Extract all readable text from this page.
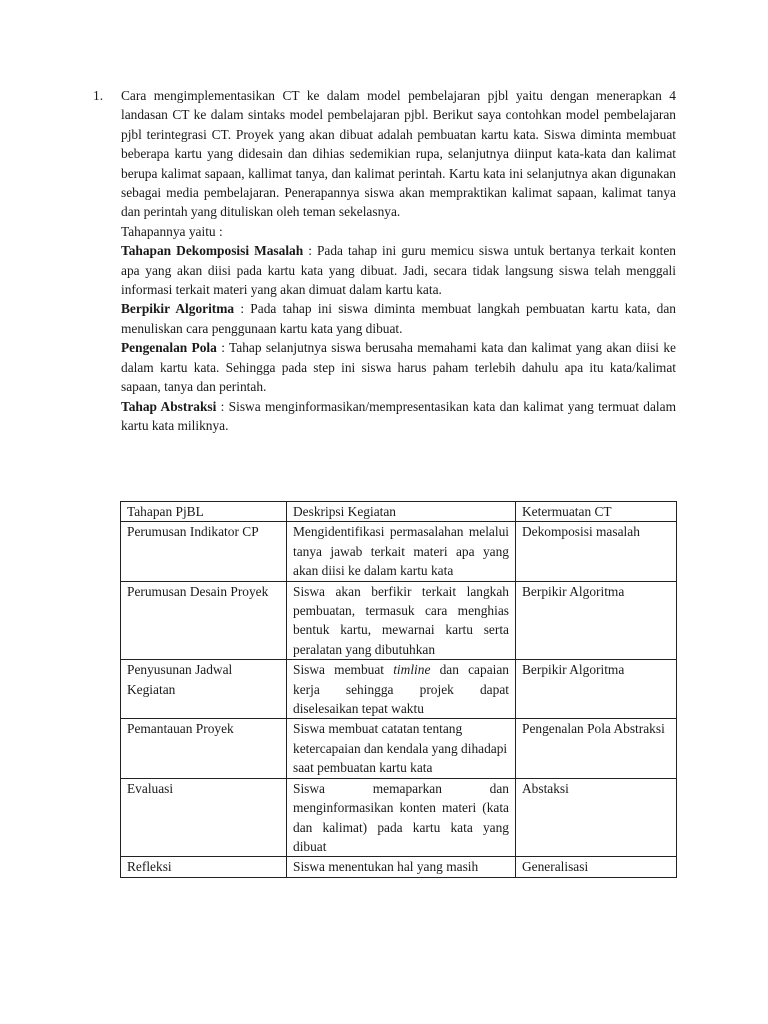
1. Cara mengimplementasikan CT ke dalam model pembelajaran pjbl yaitu dengan menerapkan 4 landasan CT ke dalam sintaks model pembelajaran pjbl. Berikut saya contohkan model pembelajaran pjbl terintegrasi CT. Proyek yang akan dibuat adalah pembuatan kartu kata. Siswa diminta membuat beberapa kartu yang didesain dan dihias sedemikian rupa, selanjutnya diinput kata-kata dan kalimat berupa kalimat sapaan, kallimat tanya, dan kalimat perintah. Kartu kata ini selanjutnya akan digunakan sebagai media pembelajaran. Penerapannya siswa akan mempraktikan kalimat sapaan, kalimat tanya dan perintah yang dituliskan oleh teman sekelasnya.

Tahapannya yaitu :

Tahapan Dekomposisi Masalah : Pada tahap ini guru memicu siswa untuk bertanya terkait konten apa yang akan diisi pada kartu kata yang dibuat. Jadi, secara tidak langsung siswa telah menggali informasi terkait materi yang akan dimuat dalam kartu kata.

Berpikir Algoritma : Pada tahap ini siswa diminta membuat langkah pembuatan kartu kata, dan menuliskan cara penggunaan kartu kata yang dibuat.

Pengenalan Pola : Tahap selanjutnya siswa berusaha memahami kata dan kalimat yang akan diisi ke dalam kartu kata. Sehingga pada step ini siswa harus paham terlebih dahulu apa itu kata/kalimat sapaan, tanya dan perintah.

Tahap Abstraksi : Siswa menginformasikan/mempresentasikan kata dan kalimat yang termuat dalam kartu kata miliknya.

Tahapan PjBL	Deskripsi Kegiatan	Ketermuatan CT
Perumusan Indikator CP	Mengidentifikasi permasalahan melalui tanya jawab terkait materi apa yang akan diisi ke dalam kartu kata	Dekomposisi masalah
Perumusan Desain Proyek	Siswa akan berfikir terkait langkah pembuatan, termasuk cara menghias bentuk kartu, mewarnai kartu serta peralatan yang dibutuhkan	Berpikir Algoritma
Penyusunan Jadwal Kegiatan	Siswa membuat timline dan capaian kerja sehingga projek dapat diselesaikan tepat waktu	Berpikir Algoritma
Pemantauan Proyek	Siswa membuat catatan tentang ketercapaian dan kendala yang dihadapi saat pembuatan kartu kata	Pengenalan Pola Abstraksi
Evaluasi	Siswa memaparkan dan menginformasikan konten materi (kata dan kalimat) pada kartu kata yang dibuat	Abstaksi
Refleksi	Siswa menentukan hal yang masih	Generalisasi
